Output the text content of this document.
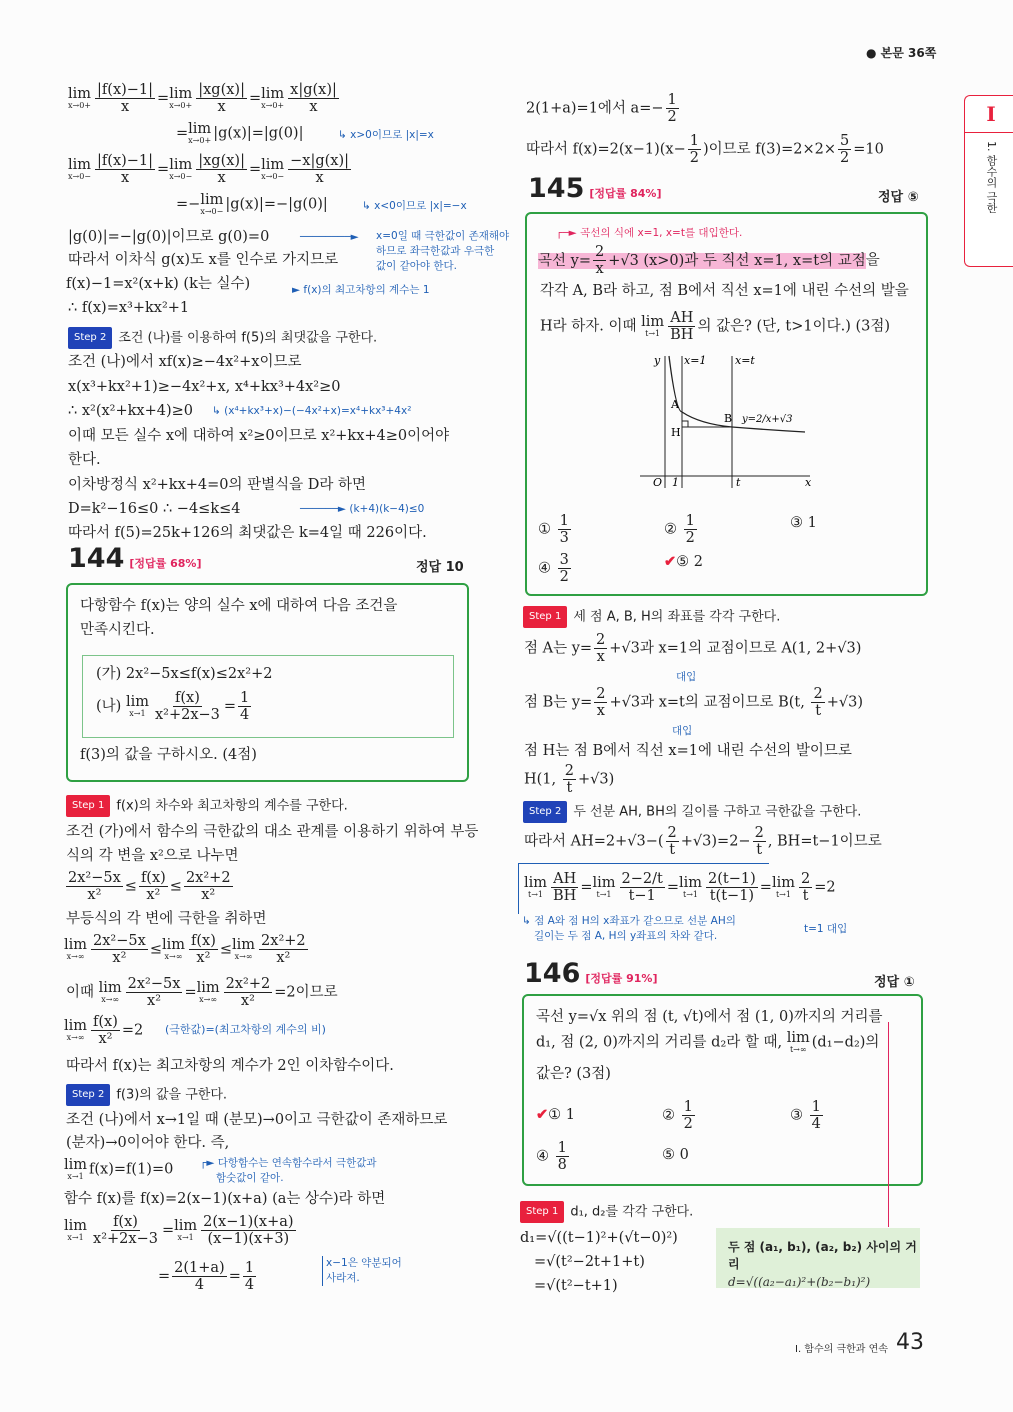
● 본문 36쪽
I
1. 함수의 극한
lim
$x\to 0+ \frac{|f(x)-1|}{x} = \lim$
$x\to 0+ \frac{|xg(x)|}{x} = \lim$
$x\to 0+ \frac{x|g(x)|}{x}$
= lim
x→0+ |g(x)|=|g(0)|	↳ x>0이므로 |x|=x
lim
$x\to 0- \frac{|f(x)-1|}{x} = \lim$
$x\to 0- \frac{|xg(x)|}{x} = \lim$
$x\to 0- \frac{-x|g(x)|}{x}$
=− lim
x→0− |g(x)|=−|g(0)|	↳ x<0이므로 |x|=−x
|g(0)|=−|g(0)|이므로 g(0)=0	x=0일 때 극한값이 존재해야
하므로 좌극한값과 우극한
값이 같아야 한다.
────────►
따라서 이차식 g(x)도 x를 인수로 가지므로
f(x)−1=x²(x+k) (k는 실수)	► f(x)의 최고차항의 계수는 1
∴ f(x)=x³+kx²+1
Step 2 조건 (나)를 이용하여 f(5)의 최댓값을 구한다.
조건 (나)에서 xf(x)≥−4x²+x이므로
x(x³+kx²+1)≥−4x²+x, x⁴+kx³+4x²≥0
∴ x²(x²+kx+4)≥0 ↳ (x⁴+kx³+x)−(−4x²+x)=x⁴+kx³+4x²
이때 모든 실수 x에 대하여 x²≥0이므로 x²+kx+4≥0이어야
한다.
이차방정식 x²+kx+4=0의 판별식을 D라 하면
D=k²−16≤0 ∴ −4≤k≤4	──────► (k+4)(k−4)≤0
따라서 f(5)=25k+126의 최댓값은 k=4일 때 226이다.
144 [정답률 68%]	정답 10
다항함수 f(x)는 양의 실수 x에 대하여 다음 조건을
만족시킨다.
(가) 2x²−5x≤f(x)≤2x²+2
(나) lim
$x\to 1 \frac{f(x)}{\text{x²+2x−3}} = \frac{1}{4}$
f(3)의 값을 구하시오. (4점)
Step 1 f(x)의 차수와 최고차항의 계수를 구한다.
조건 (가)에서 함수의 극한값의 대소 관계를 이용하기 위하여 부등
식의 각 변을 x²으로 나누면
$\frac{\text{2x²−5x}}{\text{x²}} \le \frac{f(x)}{\text{x²}} \le \frac{\text{2x²+2}}{\text{x²}}$
부등식의 각 변에 극한을 취하면
lim
$x\to\infty \frac{\text{2x²−5x}}{\text{x²}} \le \lim$
$x\to\infty \frac{f(x)}{\text{x²}} \le \lim$
$x\to\infty \frac{\text{2x²+2}}{\text{x²}}$
이때 lim
$x\to\infty \frac{\text{2x²−5x}}{\text{x²}} = \lim$
$x\to\infty \frac{\text{2x²+2}}{\text{x²}} =2$이므로
lim
$x\to\infty \frac{f(x)}{\text{x²}} =2$ (극한값)=(최고차항의 계수의 비)
따라서 f(x)는 최고차항의 계수가 2인 이차함수이다.
Step 2 f(3)의 값을 구한다.
조건 (나)에서 x→1일 때 (분모)→0이고 극한값이 존재하므로
(분자)→0이어야 한다. 즉,
lim
x→1 f(x)=f(1)=0	┌► 다항함수는 연속함수라서 극한값과
함숫값이 같아.
함수 f(x)를 f(x)=2(x−1)(x+a) (a는 상수)라 하면
lim
$x\to 1 \frac{f(x)}{\text{x²+2x−3}} = \lim$
$x\to 1 \frac{2(x-1)(x+a)}{(x-1)(x+3)}$
x−1은 약분되어
사라져.
= $\frac{2(1+a)}{4} = \frac{1}{4}$
2(1+a)=1에서 $a=- \frac{1}{2}$
따라서 $f(x)=2(x-1)(x- \frac{1}{2}$ )이므로 $f(3)=2\times 2\times \frac{5}{2} =10$
145 [정답률 84%]	정답 ⑤
┌─► 곡선의 식에 x=1, x=t를 대입한다.
곡선 $y= \frac{2}{x} +√3$ (x>0)과 두 직선 x=1, x=t의 교점을
각각 A, B라 하고, 점 B에서 직선 x=1에 내린 수선의 발을
H라 하자. 이때 lim
$t\to 1 \frac{AH}{BH}$ 의 값은? (단, t>1이다.) (3점)
y
x
O 1	t
x=1	x=t
A
B
H
y=2/x+√3
① $\frac{1}{3}$	② $\frac{1}{2}$	③ 1
④ $\frac{3}{2}$	✔⑤ 2
Step 1 세 점 A, B, H의 좌표를 각각 구한다.
점 A는 $y= \frac{2}{x} +√3$과 x=1의 교점이므로 A(1, 2+√3)
대입
점 B는 $y= \frac{2}{x} +√3$과 x=t의 교점이므로 B(t, $\frac{2}{t} +√3$)
대입
점 H는 점 B에서 직선 x=1에 내린 수선의 발이므로
H(1, $\frac{2}{t} +√3$)
Step 2 두 선분 AH, BH의 길이를 구하고 극한값을 구한다.
따라서 $AH=2+√3-( \frac{2}{t} +√3)=2- \frac{2}{t}$ , BH=t−1이므로
lim
$t\to 1 \frac{AH}{BH} = \lim$
$t\to 1 \frac{2-2/t}{t-1} = \lim$
$t\to 1 \frac{2(t-1)}{t(t-1)} = \lim$
$t\to 1 \frac{2}{t} =2$
↳ 점 A와 점 H의 x좌표가 같으므로 선분 AH의
길이는 두 점 A, H의 y좌표의 차와 같다.
t=1 대입
146 [정답률 91%]	정답 ①
곡선 y=√x 위의 점 (t, √t)에서 점 (1, 0)까지의 거리를
d₁, 점 (2, 0)까지의 거리를 d₂라 할 때, lim
t→∞ (d₁−d₂)의
값은? (3점)
✔① 1	② $\frac{1}{2}$	③ $\frac{1}{4}$
④ $\frac{1}{8}$	⑤ 0
Step 1 d₁, d₂를 각각 구한다.
d₁=√((t−1)²+(√t−0)²)
=√(t²−2t+1+t)
=√(t²−t+1)
두 점 (a₁, b₁), (a₂, b₂) 사이의 거리
d=√((a₂−a₁)²+(b₂−b₁)²)
I. 함수의 극한과 연속 43
